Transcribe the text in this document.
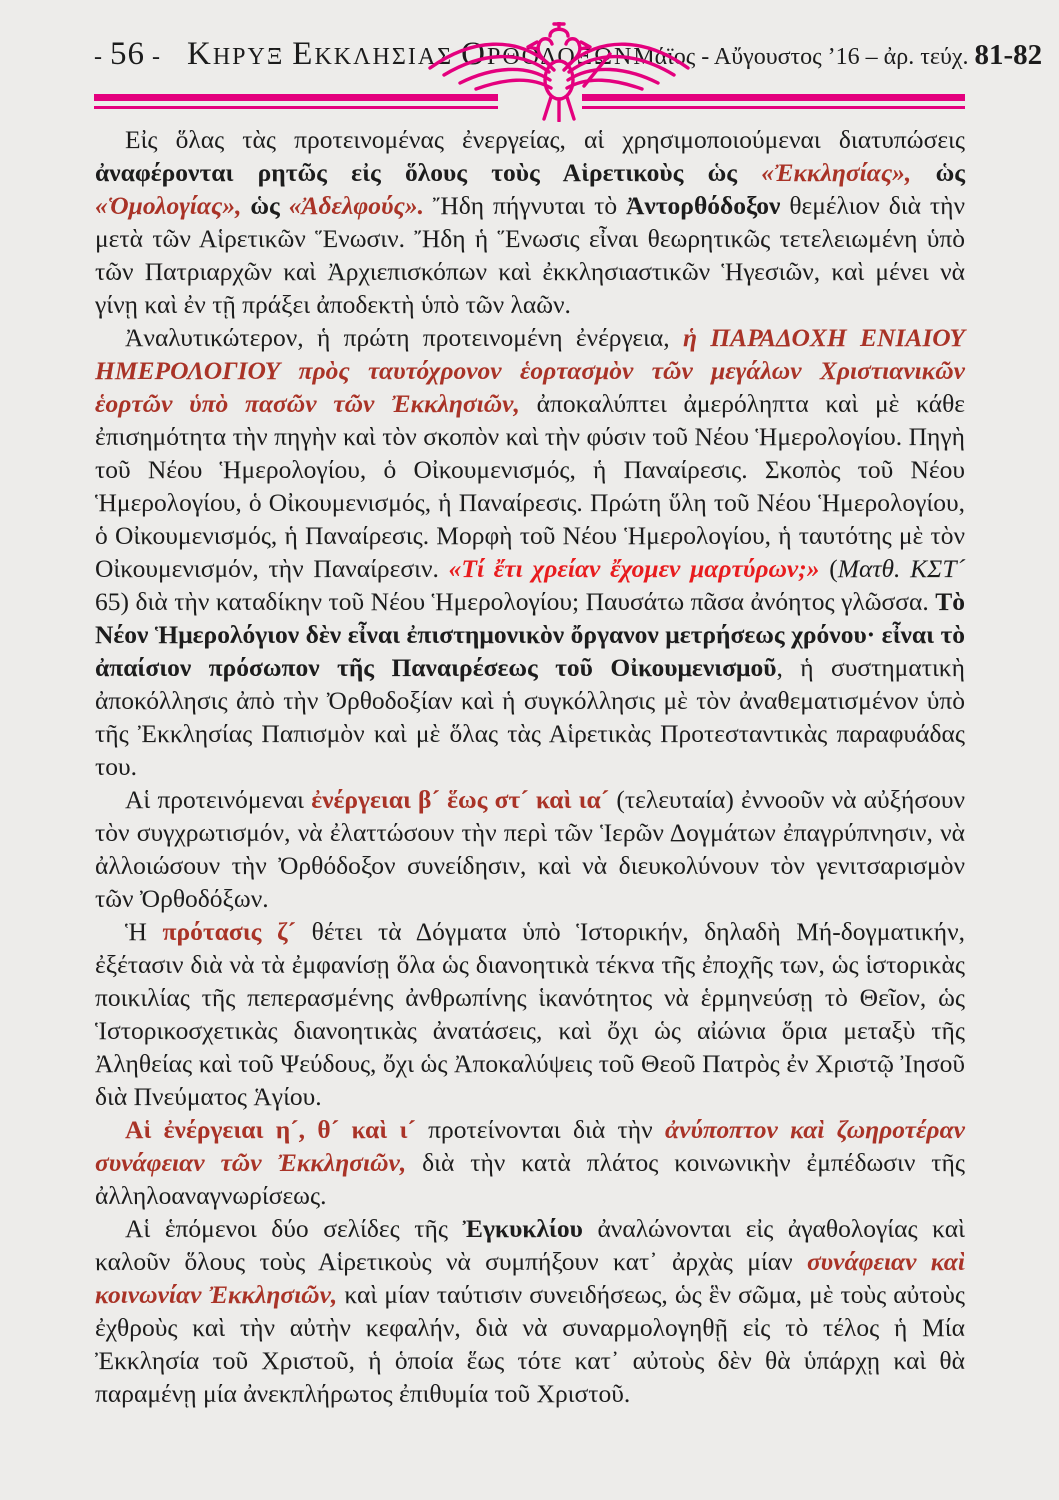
- 56 - ΚΗΡΥΞ ΕΚΚΛΗΣΙΑΣ ΟΡΘΟΔΟΞΩΝ Μάϊος - Αὔγουστος ’16 – ἀρ. τεύχ. 81-82

Εἰς ὅλας τὰς προτεινομένας ἐνεργείας, αἱ χρησιμοποιούμεναι διατυπώσεις ἀναφέρονται ρητῶς εἰς ὅλους τοὺς Αἱρετικοὺς ὡς «Ἐκκλησίας», ὡς «Ὁμολογίας», ὡς «Ἀδελφούς». Ἤδη πήγνυται τὸ Ἀντορθόδοξον θεμέλιον διὰ τὴν μετὰ τῶν Αἱρετικῶν Ἕνωσιν. Ἤδη ἡ Ἕνωσις εἶναι θεωρητικῶς τετελειωμένη ὑπὸ τῶν Πατριαρχῶν καὶ Ἀρχιεπισκόπων καὶ ἐκκλησιαστικῶν Ἡγεσιῶν, καὶ μένει νὰ γίνῃ καὶ ἐν τῇ πράξει ἀποδεκτὴ ὑπὸ τῶν λαῶν.

Ἀναλυτικώτερον, ἡ πρώτη προτεινομένη ἐνέργεια, ἡ ΠΑΡΑΔΟΧΗ ΕΝΙΑΙΟΥ ΗΜΕΡΟΛΟΓΙΟΥ πρὸς ταυτόχρονον ἑορτασμὸν τῶν μεγάλων Χριστιανικῶν ἑορτῶν ὑπὸ πασῶν τῶν Ἐκκλησιῶν, ἀποκαλύπτει ἀμερόληπτα καὶ μὲ κάθε ἐπισημότητα τὴν πηγὴν καὶ τὸν σκοπὸν καὶ τὴν φύσιν τοῦ Νέου Ἡμερολογίου. Πηγὴ τοῦ Νέου Ἡμερολογίου, ὁ Οἰκουμενισμός, ἡ Παναίρεσις. Σκοπὸς τοῦ Νέου Ἡμερολογίου, ὁ Οἰκουμενισμός, ἡ Παναίρεσις. Πρώτη ὕλη τοῦ Νέου Ἡμερολογίου, ὁ Οἰκουμενισμός, ἡ Παναίρεσις. Μορφὴ τοῦ Νέου Ἡμερολογίου, ἡ ταυτότης μὲ τὸν Οἰκουμενισμόν, τὴν Παναίρεσιν. «Τί ἔτι χρείαν ἔχομεν μαρτύρων;» (Ματθ. ΚΣΤ´ 65) διὰ τὴν καταδίκην τοῦ Νέου Ἡμερολογίου; Παυσάτω πᾶσα ἀνόητος γλῶσσα. Τὸ Νέον Ἡμερολόγιον δὲν εἶναι ἐπιστημονικὸν ὄργανον μετρήσεως χρόνου· εἶναι τὸ ἀπαίσιον πρόσωπον τῆς Παναιρέσεως τοῦ Οἰκουμενισμοῦ, ἡ συστηματικὴ ἀποκόλλησις ἀπὸ τὴν Ὀρθοδοξίαν καὶ ἡ συγκόλλησις μὲ τὸν ἀναθεματισμένον ὑπὸ τῆς Ἐκκλησίας Παπισμὸν καὶ μὲ ὅλας τὰς Αἱρετικὰς Προτεσταντικὰς παραφυάδας του.

Αἱ προτεινόμεναι ἐνέργειαι β´ ἕως στ´ καὶ ια´ (τελευταία) ἐννοοῦν νὰ αὐξήσουν τὸν συγχρωτισμόν, νὰ ἐλαττώσουν τὴν περὶ τῶν Ἱερῶν Δογμάτων ἐπαγρύπνησιν, νὰ ἀλλοιώσουν τὴν Ὀρθόδοξον συνείδησιν, καὶ νὰ διευκολύνουν τὸν γενιτσαρισμὸν τῶν Ὀρθοδόξων.

Ἡ πρότασις ζ´ θέτει τὰ Δόγματα ὑπὸ Ἱστορικήν, δηλαδὴ Μή-δογματικήν, ἐξέτασιν διὰ νὰ τὰ ἐμφανίσῃ ὅλα ὡς διανοητικὰ τέκνα τῆς ἐποχῆς των, ὡς ἱστορικὰς ποικιλίας τῆς πεπερασμένης ἀνθρωπίνης ἱκανότητος νὰ ἑρμηνεύσῃ τὸ Θεῖον, ὡς Ἱστορικοσχετικὰς διανοητικὰς ἀνατάσεις, καὶ ὄχι ὡς αἰώνια ὅρια μεταξὺ τῆς Ἀληθείας καὶ τοῦ Ψεύδους, ὄχι ὡς Ἀποκαλύψεις τοῦ Θεοῦ Πατρὸς ἐν Χριστῷ Ἰησοῦ διὰ Πνεύματος Ἁγίου.

Αἱ ἐνέργειαι η´, θ´ καὶ ι´ προτείνονται διὰ τὴν ἀνύποπτον καὶ ζωηροτέραν συνάφειαν τῶν Ἐκκλησιῶν, διὰ τὴν κατὰ πλάτος κοινωνικὴν ἐμπέδωσιν τῆς ἀλληλοαναγνωρίσεως.

Αἱ ἑπόμενοι δύο σελίδες τῆς Ἐγκυκλίου ἀναλώνονται εἰς ἀγαθολογίας καὶ καλοῦν ὅλους τοὺς Αἱρετικοὺς νὰ συμπήξουν κατ᾽ ἀρχὰς μίαν συνάφειαν καὶ κοινωνίαν Ἐκκλησιῶν, καὶ μίαν ταύτισιν συνειδήσεως, ὡς ἓν σῶμα, μὲ τοὺς αὐτοὺς ἐχθροὺς καὶ τὴν αὐτὴν κεφαλήν, διὰ νὰ συναρμολογηθῇ εἰς τὸ τέλος ἡ Μία Ἐκκλησία τοῦ Χριστοῦ, ἡ ὁποία ἕως τότε κατ᾽ αὐτοὺς δὲν θὰ ὑπάρχῃ καὶ θὰ παραμένῃ μία ἀνεκπλήρωτος ἐπιθυμία τοῦ Χριστοῦ.
